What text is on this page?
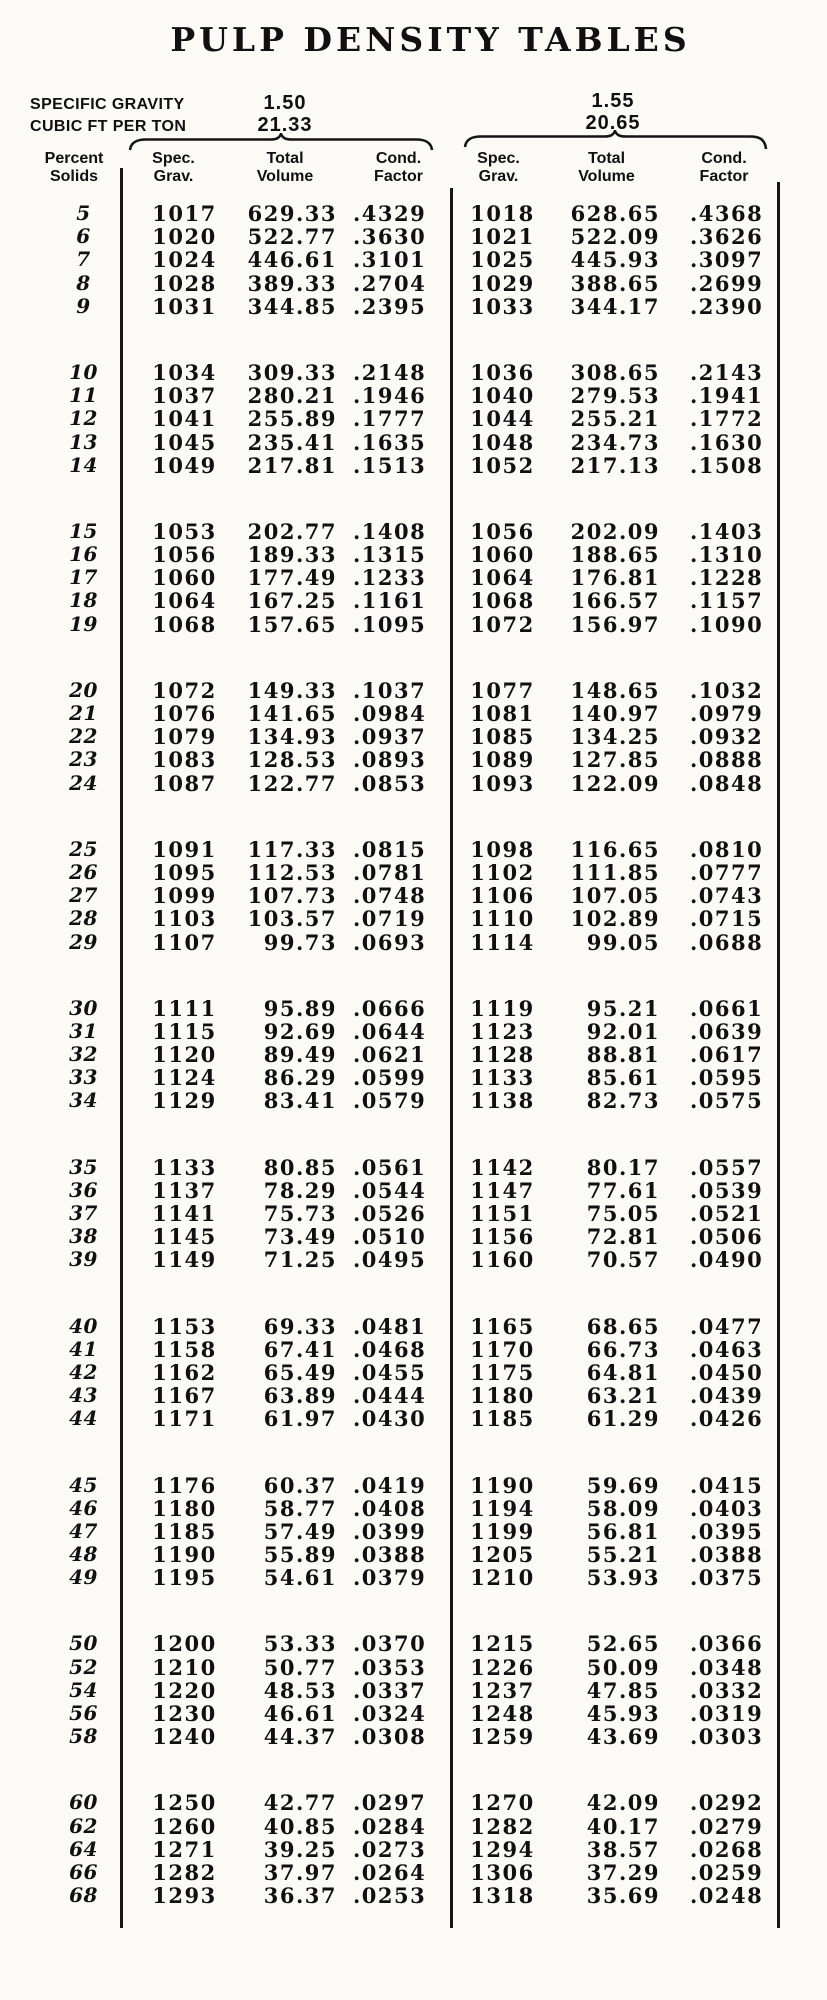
PULP DENSITY TABLES
SPECIFIC GRAVITY
CUBIC FT PER TON
1.50
21.33
1.55
20.65
Percent
Solids
Spec.
Grav.
Total
Volume
Cond.
Factor
Spec.
Grav.
Total
Volume
Cond.
Factor
5	1017	629.33 .4329	1018	628.65	.4368
6	1020	522.77 .3630	1021	522.09	.3626
7	1024	446.61 .3101	1025	445.93	.3097
8	1028	389.33 .2704	1029	388.65	.2699
9	1031	344.85 .2395	1033	344.17	.2390
10	1034	309.33 .2148	1036	308.65	.2143
11	1037	280.21 .1946	1040	279.53	.1941
12	1041	255.89 .1777	1044	255.21	.1772
13	1045	235.41 .1635	1048	234.73	.1630
14	1049	217.81 .1513	1052	217.13	.1508
15	1053	202.77 .1408	1056	202.09	.1403
16	1056	189.33 .1315	1060	188.65	.1310
17	1060	177.49 .1233	1064	176.81	.1228
18	1064	167.25 .1161	1068	166.57	.1157
19	1068	157.65 .1095	1072	156.97	.1090
20	1072	149.33 .1037	1077	148.65	.1032
21	1076	141.65 .0984	1081	140.97	.0979
22	1079	134.93 .0937	1085	134.25	.0932
23	1083	128.53 .0893	1089	127.85	.0888
24	1087	122.77 .0853	1093	122.09	.0848
25	1091	117.33 .0815	1098	116.65	.0810
26	1095	112.53 .0781	1102	111.85	.0777
27	1099	107.73 .0748	1106	107.05	.0743
28	1103	103.57 .0719	1110	102.89	.0715
29	1107	99.73 .0693	1114	99.05	.0688
30	1111	95.89 .0666	1119	95.21	.0661
31	1115	92.69 .0644	1123	92.01	.0639
32	1120	89.49 .0621	1128	88.81	.0617
33	1124	86.29 .0599	1133	85.61	.0595
34	1129	83.41 .0579	1138	82.73	.0575
35	1133	80.85 .0561	1142	80.17	.0557
36	1137	78.29 .0544	1147	77.61	.0539
37	1141	75.73 .0526	1151	75.05	.0521
38	1145	73.49 .0510	1156	72.81	.0506
39	1149	71.25 .0495	1160	70.57	.0490
40	1153	69.33 .0481	1165	68.65	.0477
41	1158	67.41 .0468	1170	66.73	.0463
42	1162	65.49 .0455	1175	64.81	.0450
43	1167	63.89 .0444	1180	63.21	.0439
44	1171	61.97 .0430	1185	61.29	.0426
45	1176	60.37 .0419	1190	59.69	.0415
46	1180	58.77 .0408	1194	58.09	.0403
47	1185	57.49 .0399	1199	56.81	.0395
48	1190	55.89 .0388	1205	55.21	.0388
49	1195	54.61 .0379	1210	53.93	.0375
50	1200	53.33 .0370	1215	52.65	.0366
52	1210	50.77 .0353	1226	50.09	.0348
54	1220	48.53 .0337	1237	47.85	.0332
56	1230	46.61 .0324	1248	45.93	.0319
58	1240	44.37 .0308	1259	43.69	.0303
60	1250	42.77 .0297	1270	42.09	.0292
62	1260	40.85 .0284	1282	40.17	.0279
64	1271	39.25 .0273	1294	38.57	.0268
66	1282	37.97 .0264	1306	37.29	.0259
68	1293	36.37 .0253	1318	35.69	.0248
